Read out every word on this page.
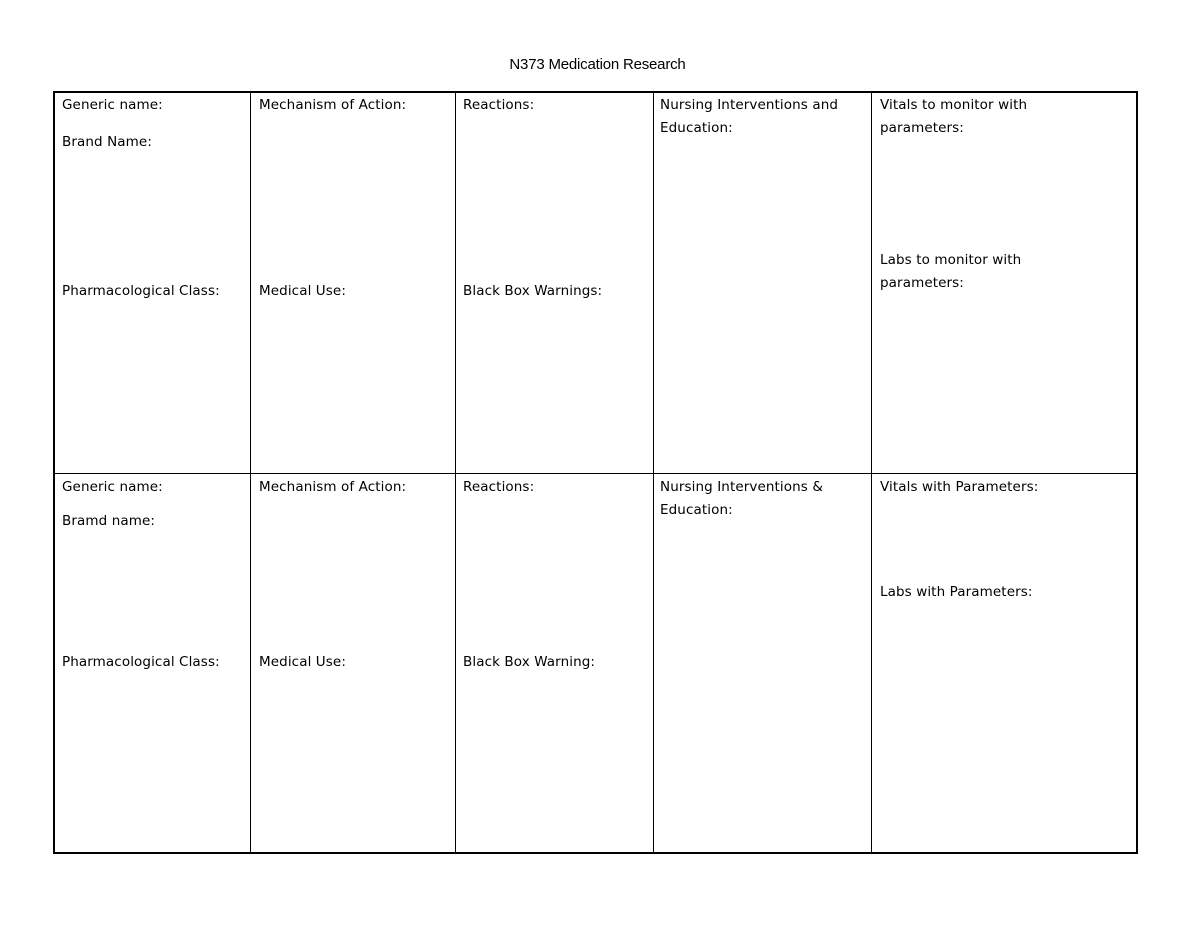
N373 Medication Research
Generic name:
Brand Name:
Pharmacological Class:
Mechanism of Action:
Medical Use:
Reactions:
Black Box Warnings:
Nursing Interventions and Education:
Vitals to monitor with parameters:
Labs to monitor with parameters:
Generic name:
Bramd name:
Pharmacological Class:
Mechanism of Action:
Medical Use:
Reactions:
Black Box Warning:
Nursing Interventions & Education:
Vitals with Parameters:
Labs with Parameters:
